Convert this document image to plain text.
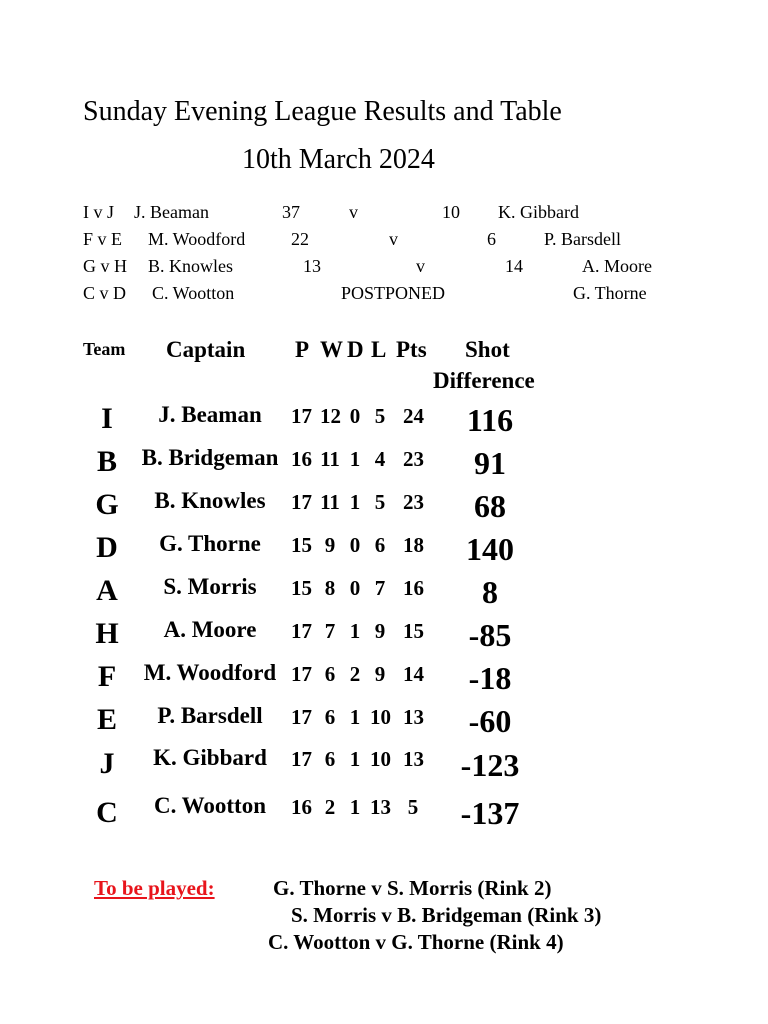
Sunday Evening League Results and Table
10th March 2024
I v J J. Beaman	37	v	10 K. Gibbard
F v E M. Woodford	22	v	6	P. Barsdell
G v H B. Knowles	13	v	14	A. Moore
C v D C. Wootton	POSTPONED	G. Thorne
Team Captain P W D L Pts Shot
Difference
I	J. Beaman	17 12 0 5 24	116
B	B. Bridgeman 16 11 1 4 23	91
G	B. Knowles	17 11 1 5 23	68
D	G. Thorne	15 9 0 6 18	140
A	S. Morris	15 8 0 7 16	8
H	A. Moore	17 7 1 9 15	-85
F	M. Woodford 17 6 2 9 14	-18
E	P. Barsdell	17 6 1 10 13	-60
J	K. Gibbard	17 6 1 10 13	-123
C	C. Wootton	16 2 1 13 5	-137
To be played:	G. Thorne v S. Morris (Rink 2)
S. Morris v B. Bridgeman (Rink 3)
C. Wootton v G. Thorne (Rink 4)
